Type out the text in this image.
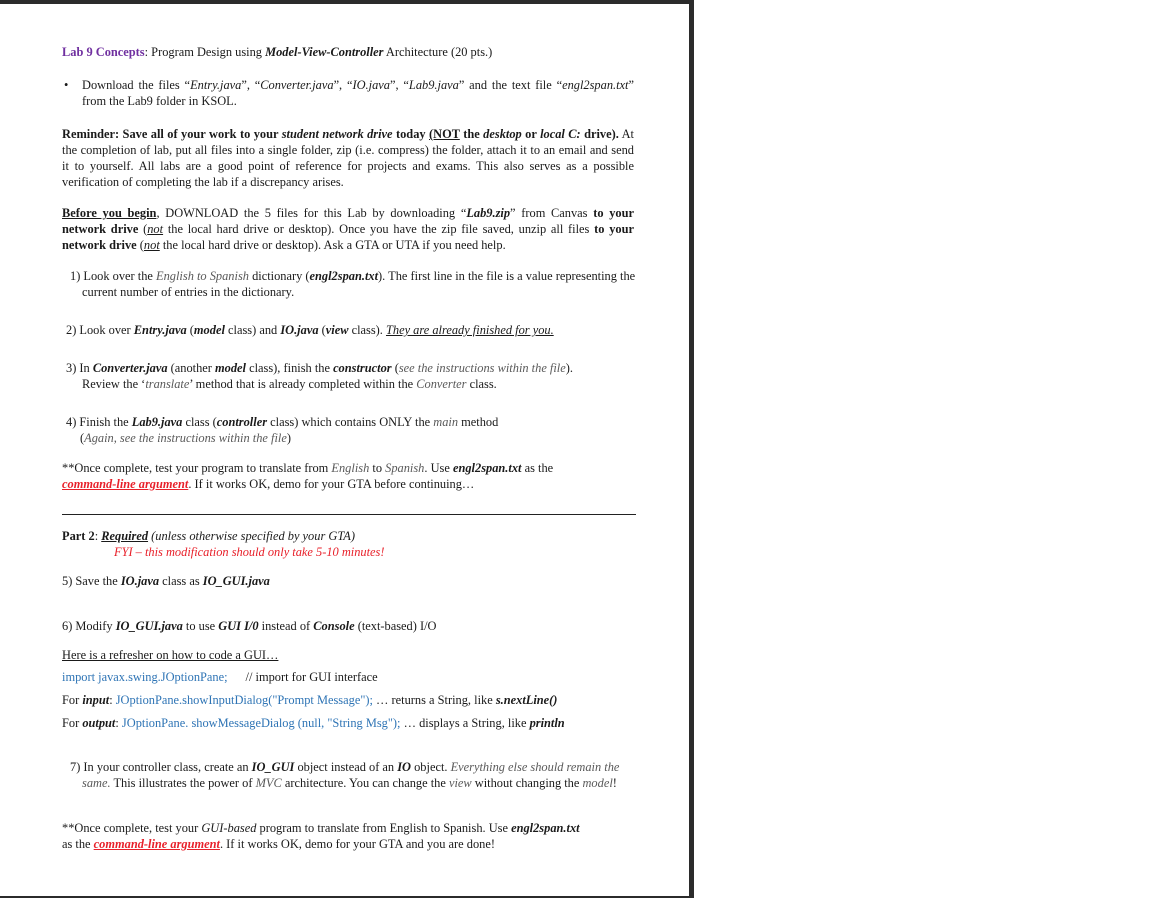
Lab 9 Concepts: Program Design using Model-View-Controller Architecture (20 pts.)
• Download the files “Entry.java”, “Converter.java”, “IO.java”, “Lab9.java” and the text file “engl2span.txt” from the Lab9 folder in KSOL.
Reminder: Save all of your work to your student network drive today (NOT the desktop or local C: drive). At the completion of lab, put all files into a single folder, zip (i.e. compress) the folder, attach it to an email and send it to yourself. All labs are a good point of reference for projects and exams. This also serves as a possible verification of completing the lab if a discrepancy arises.
Before you begin, DOWNLOAD the 5 files for this Lab by downloading “Lab9.zip” from Canvas to your network drive (not the local hard drive or desktop). Once you have the zip file saved, unzip all files to your network drive (not the local hard drive or desktop). Ask a GTA or UTA if you need help.
1) Look over the English to Spanish dictionary (engl2span.txt). The first line in the file is a value representing the current number of entries in the dictionary.
2) Look over Entry.java (model class) and IO.java (view class). They are already finished for you.
3) In Converter.java (another model class), finish the constructor (see the instructions within the file).
Review the ‘translate’ method that is already completed within the Converter class.
4) Finish the Lab9.java class (controller class) which contains ONLY the main method
(Again, see the instructions within the file)
**Once complete, test your program to translate from English to Spanish. Use engl2span.txt as the
command-line argument. If it works OK, demo for your GTA before continuing…
Part 2: Required (unless otherwise specified by your GTA)
FYI – this modification should only take 5-10 minutes!
5) Save the IO.java class as IO_GUI.java
6) Modify IO_GUI.java to use GUI I/0 instead of Console (text-based) I/O
Here is a refresher on how to code a GUI…
import javax.swing.JOptionPane; // import for GUI interface
For input: JOptionPane.showInputDialog("Prompt Message"); … returns a String, like s.nextLine()
For output: JOptionPane. showMessageDialog (null, "String Msg"); … displays a String, like println
7) In your controller class, create an IO_GUI object instead of an IO object. Everything else should remain the same. This illustrates the power of MVC architecture. You can change the view without changing the model!
**Once complete, test your GUI-based program to translate from English to Spanish. Use engl2span.txt
as the command-line argument. If it works OK, demo for your GTA and you are done!
